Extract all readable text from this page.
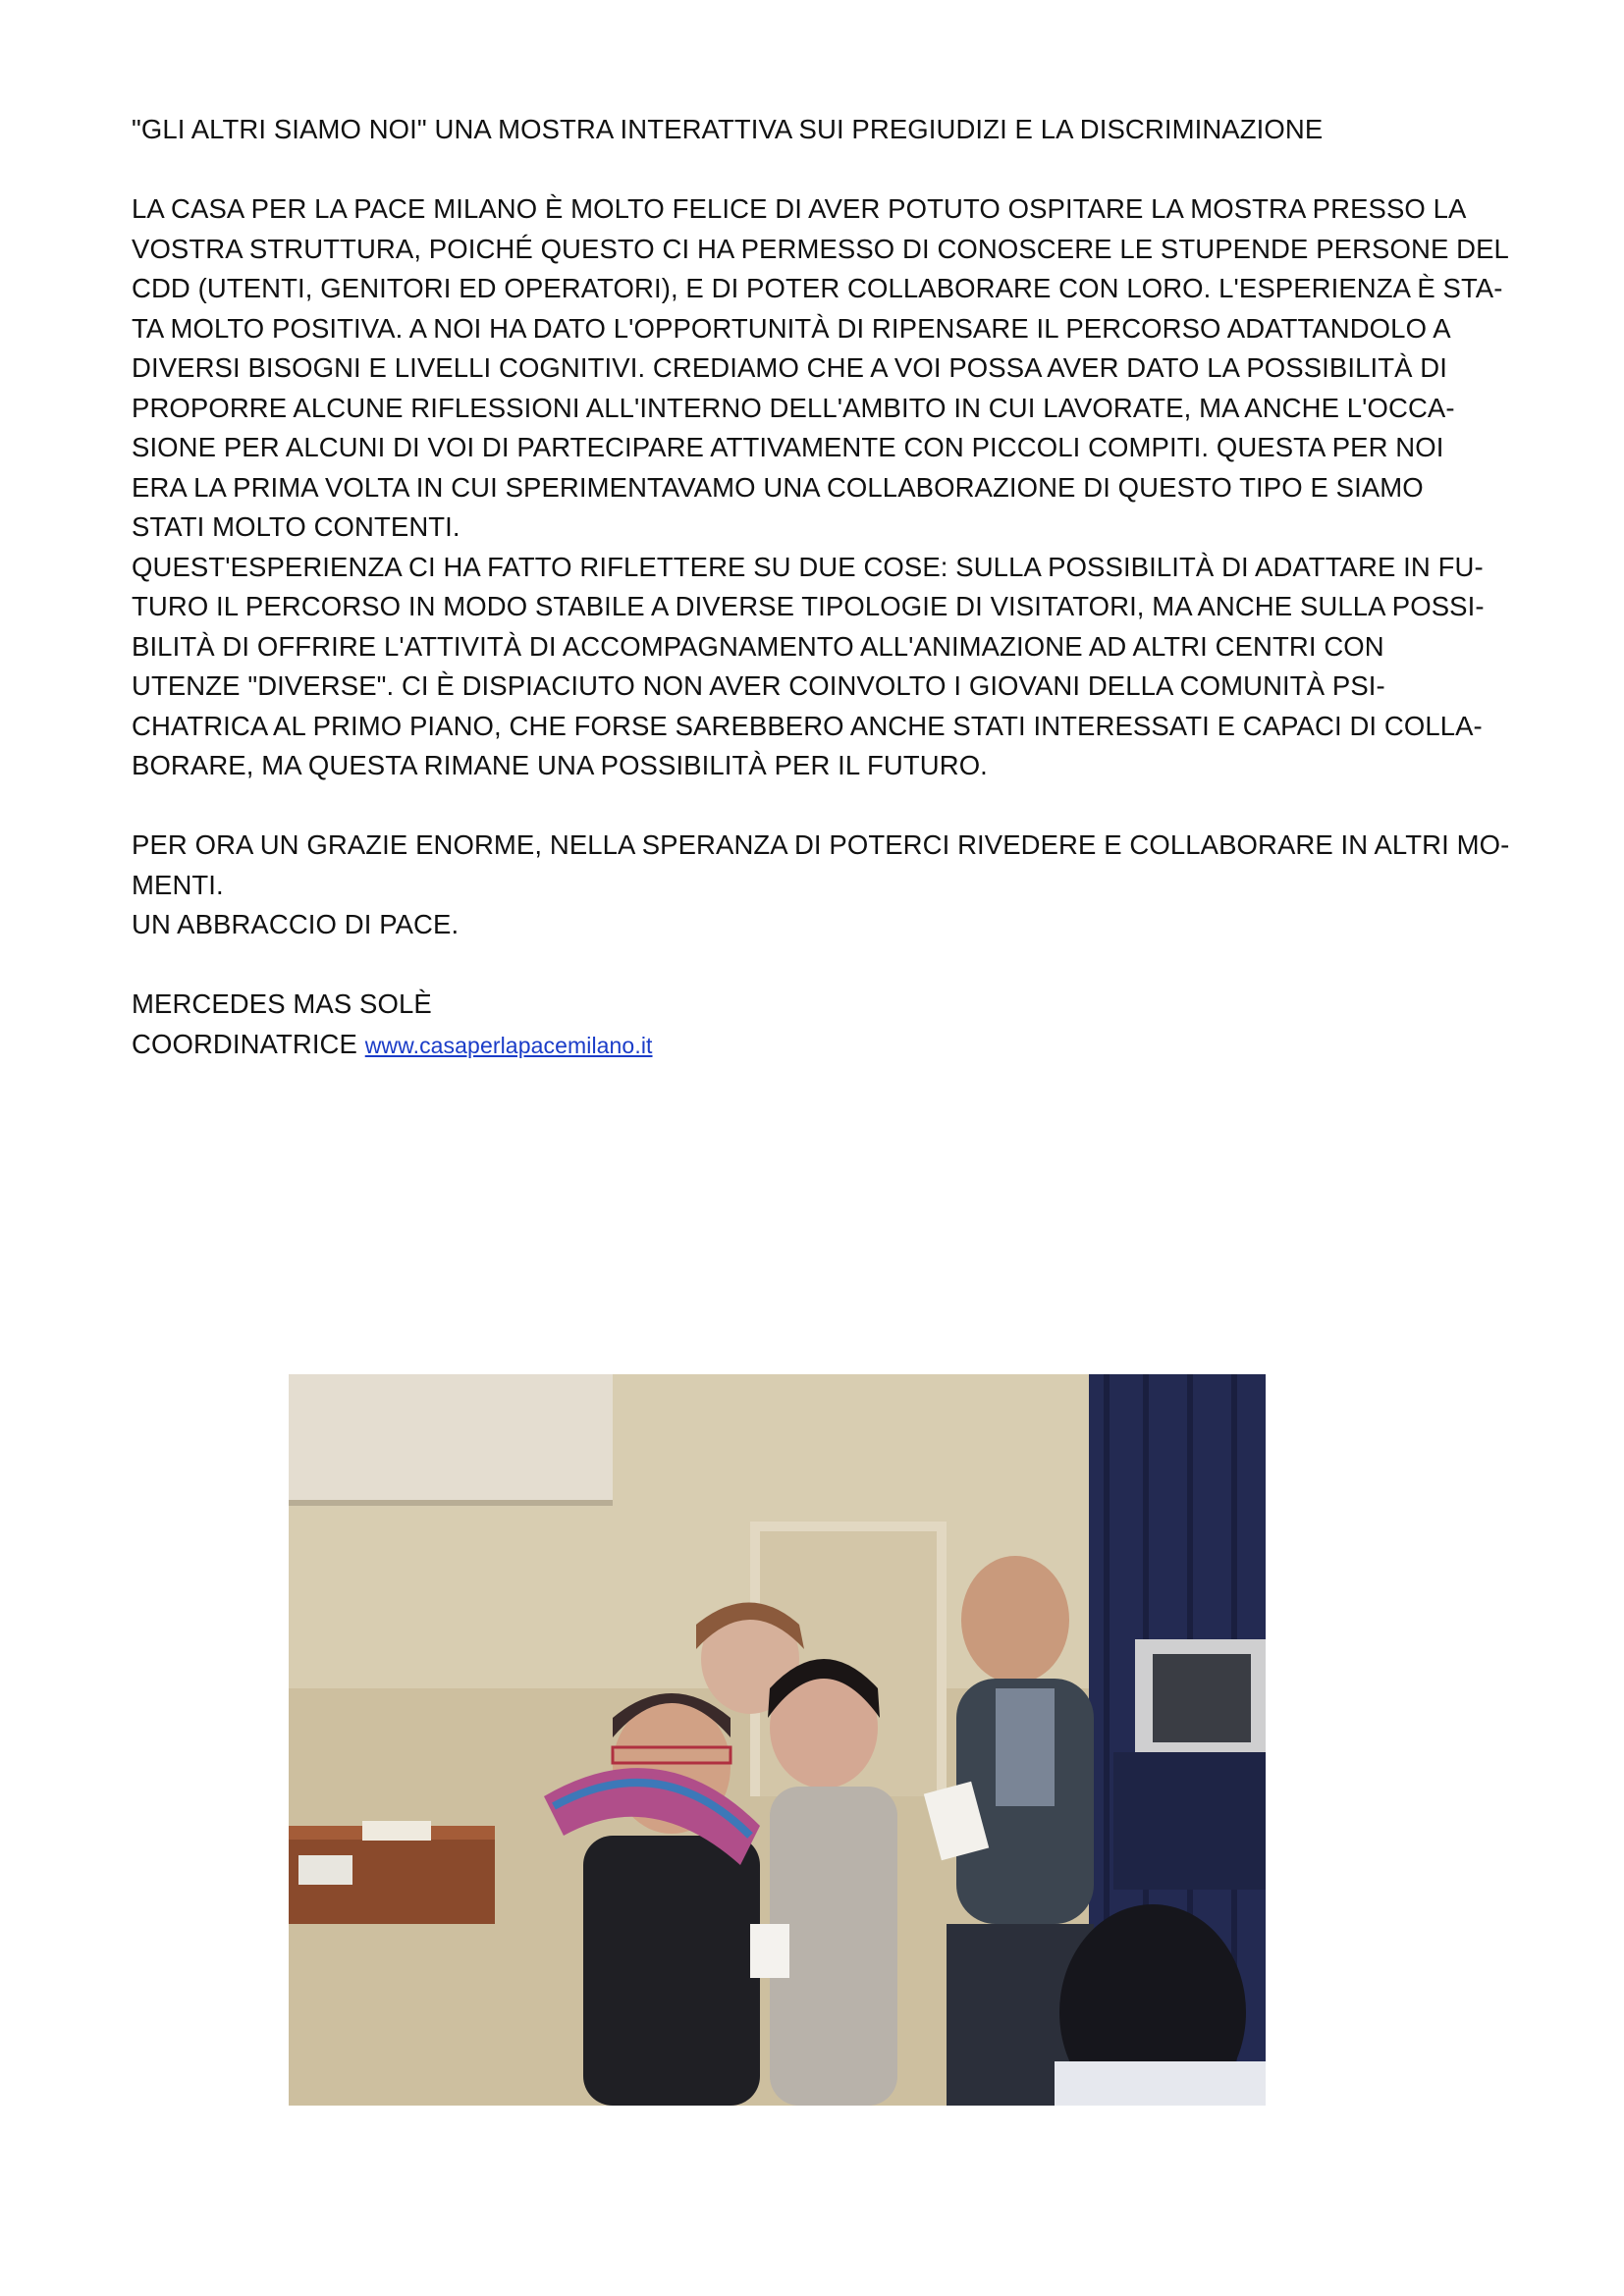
"GLI ALTRI SIAMO NOI" UNA MOSTRA INTERATTIVA SUI PREGIUDIZI E LA DISCRIMINAZIONE
LA CASA PER LA PACE MILANO È MOLTO FELICE DI AVER POTUTO OSPITARE LA MOSTRA PRESSO LA
VOSTRA STRUTTURA, POICHÉ QUESTO CI HA PERMESSO DI CONOSCERE LE STUPENDE PERSONE DEL
CDD (UTENTI, GENITORI ED OPERATORI), E DI POTER COLLABORARE CON LORO. L'ESPERIENZA È STA-
TA MOLTO POSITIVA. A NOI HA DATO L'OPPORTUNITÀ DI RIPENSARE IL PERCORSO ADATTANDOLO A
DIVERSI BISOGNI E LIVELLI COGNITIVI. CREDIAMO CHE A VOI POSSA AVER DATO LA POSSIBILITÀ DI
PROPORRE ALCUNE RIFLESSIONI ALL'INTERNO DELL'AMBITO IN CUI LAVORATE, MA ANCHE L'OCCA-
SIONE PER ALCUNI DI VOI DI PARTECIPARE ATTIVAMENTE CON PICCOLI COMPITI. QUESTA PER NOI
ERA LA PRIMA VOLTA IN CUI SPERIMENTAVAMO UNA COLLABORAZIONE DI QUESTO TIPO E SIAMO
STATI MOLTO CONTENTI.
QUEST'ESPERIENZA CI HA FATTO RIFLETTERE SU DUE COSE: SULLA POSSIBILITÀ DI ADATTARE IN FU-
TURO IL PERCORSO IN MODO STABILE A DIVERSE TIPOLOGIE DI VISITATORI, MA ANCHE SULLA POSSI-
BILITÀ DI OFFRIRE L'ATTIVITÀ DI ACCOMPAGNAMENTO ALL'ANIMAZIONE AD ALTRI CENTRI CON
UTENZE "DIVERSE". CI È DISPIACIUTO NON AVER COINVOLTO I GIOVANI DELLA COMUNITÀ PSI-
CHATRICA AL PRIMO PIANO, CHE FORSE SAREBBERO ANCHE STATI INTERESSATI E CAPACI DI COLLA-
BORARE, MA QUESTA RIMANE UNA POSSIBILITÀ PER IL FUTURO.
PER ORA UN GRAZIE ENORME, NELLA SPERANZA DI POTERCI RIVEDERE E COLLABORARE IN ALTRI MO-
MENTI.
UN ABBRACCIO DI PACE.
MERCEDES MAS SOLÈ
COORDINATRICE www.casaperlapacemilano.it
